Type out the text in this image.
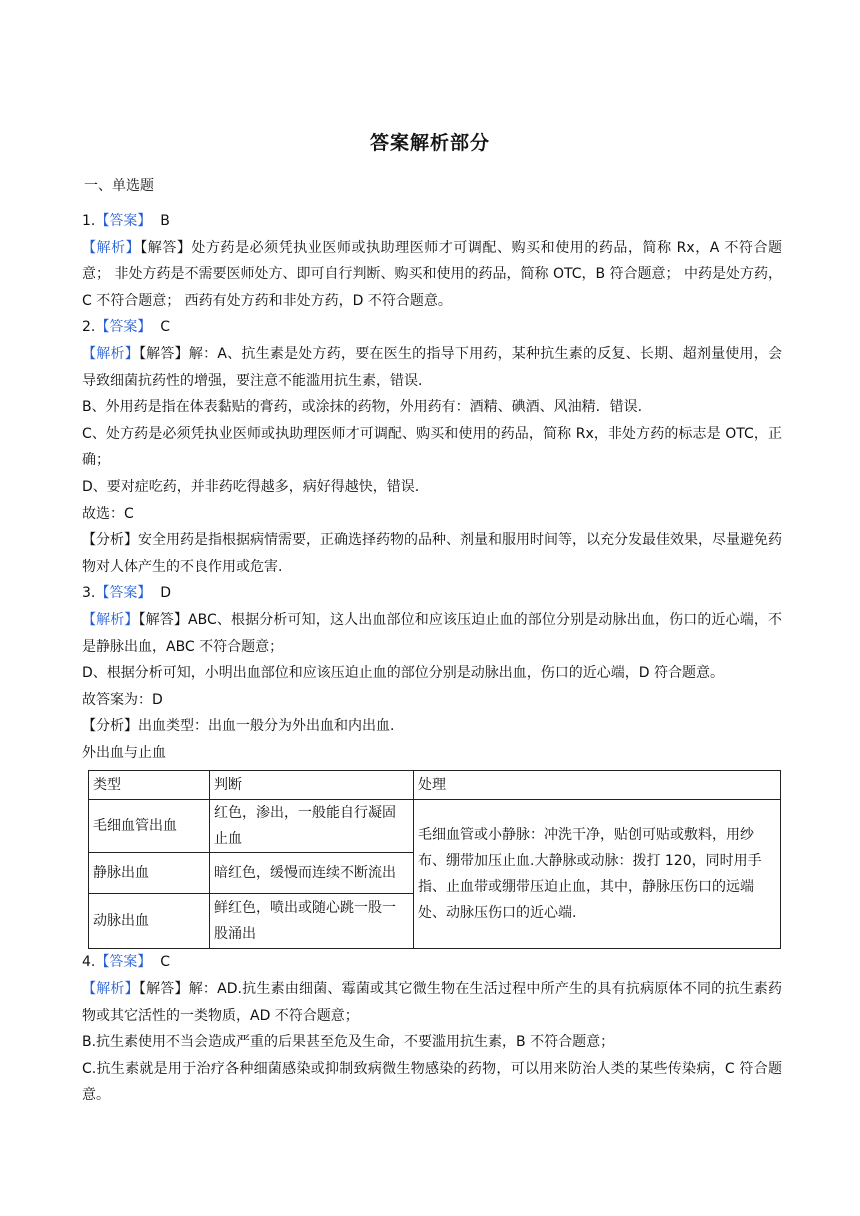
答案解析部分
一、单选题

1.【答案】 B

【解析】【解答】处方药是必须凭执业医师或执助理医师才可调配、购买和使用的药品，简称 Rx，A 不符合题意； 非处方药是不需要医师处方、即可自行判断、购买和使用的药品，简称 OTC，B 符合题意； 中药是处方药，C 不符合题意； 西药有处方药和非处方药，D 不符合题意。

2.【答案】 C

【解析】【解答】解：A、抗生素是处方药，要在医生的指导下用药，某种抗生素的反复、长期、超剂量使用，会导致细菌抗药性的增强，要注意不能滥用抗生素，错误.

B、外用药是指在体表黏贴的膏药，或涂抹的药物，外用药有：酒精、碘酒、风油精．错误.

C、处方药是必须凭执业医师或执助理医师才可调配、购买和使用的药品，简称 Rx，非处方药的标志是 OTC，正确；

D、要对症吃药，并非药吃得越多，病好得越快，错误.

故选：C

【分析】安全用药是指根据病情需要，正确选择药物的品种、剂量和服用时间等，以充分发最佳效果，尽量避免药物对人体产生的不良作用或危害.

3.【答案】 D

【解析】【解答】ABC、根据分析可知，这人出血部位和应该压迫止血的部位分别是动脉出血，伤口的近心端，不是静脉出血，ABC 不符合题意；

D、根据分析可知，小明出血部位和应该压迫止血的部位分别是动脉出血，伤口的近心端，D 符合题意。

故答案为：D

【分析】出血类型：出血一般分为外出血和内出血.

外出血与止血

类型	判断	处理
毛细血管出血	红色，渗出，一般能自行凝固止血	毛细血管或小静脉：冲洗干净，贴创可贴或敷料，用纱布、绷带加压止血.大静脉或动脉：拨打 120，同时用手指、止血带或绷带压迫止血，其中，静脉压伤口的远端处、动脉压伤口的近心端.
静脉出血	暗红色，缓慢而连续不断流出	
动脉出血	鲜红色，喷出或随心跳一股一股涌出	

4.【答案】 C

【解析】【解答】解：AD.抗生素由细菌、霉菌或其它微生物在生活过程中所产生的具有抗病原体不同的抗生素药物或其它活性的一类物质，AD 不符合题意；

B.抗生素使用不当会造成严重的后果甚至危及生命，不要滥用抗生素，B 不符合题意；

C.抗生素就是用于治疗各种细菌感染或抑制致病微生物感染的药物，可以用来防治人类的某些传染病，C 符合题意。
